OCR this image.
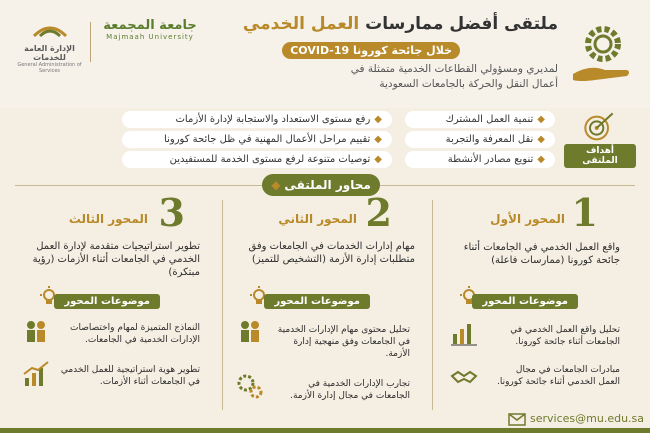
ملتقى أفضل ممارسات العمل الخدمي
خلال جائحة كورونا COVID-19
لمديري ومسؤولي القطاعات الخدمية متمثلة في
أعمال النقل والحركة بالجامعات السعودية
جامعة المجمعة
Majmaah University
الإدارة العامة للخدمات
General Administration of Services
أهداف الملتقى
◆تنمية العمل المشترك
◆نقل المعرفة والتجربة
◆تنويع مصادر الأنشطة
◆رفع مستوى الاستعداد والاستجابة لإدارة الأزمات
◆تقييم مراحل الأعمال المهنية في ظل جائحة كورونا
◆توصيات متنوعة لرفع مستوى الخدمة للمستفيدين
محاور الملتقى◆
1
المحور الأول
واقع العمل الخدمي في الجامعات أثناء جائحة كورونا (ممارسات فاعلة)
موضوعات المحور
تحليل واقع العمل الخدمي في الجامعات أثناء جائحة كورونا.
مبادرات الجامعات في مجال العمل الخدمي أثناء جائحة كورونا.
2
المحور الثاني
مهام إدارات الخدمات في الجامعات وفق متطلبات إدارة الأزمة (التشخيص للتميز)
موضوعات المحور
تحليل محتوى مهام الإدارات الخدمية في الجامعات وفق منهجية إدارة الأزمة.
تجارب الإدارات الخدمية في الجامعات في مجال إدارة الأزمة.
3
المحور الثالث
تطوير استراتيجيات متقدمة لإدارة العمل الخدمي في الجامعات أثناء الأزمات (رؤية مبتكرة)
موضوعات المحور
النماذج المتميزة لمهام واختصاصات الإدارات الخدمية في الجامعات.
تطوير هوية استراتيجية للعمل الخدمي في الجامعات أثناء الأزمات.
services@mu.edu.sa
